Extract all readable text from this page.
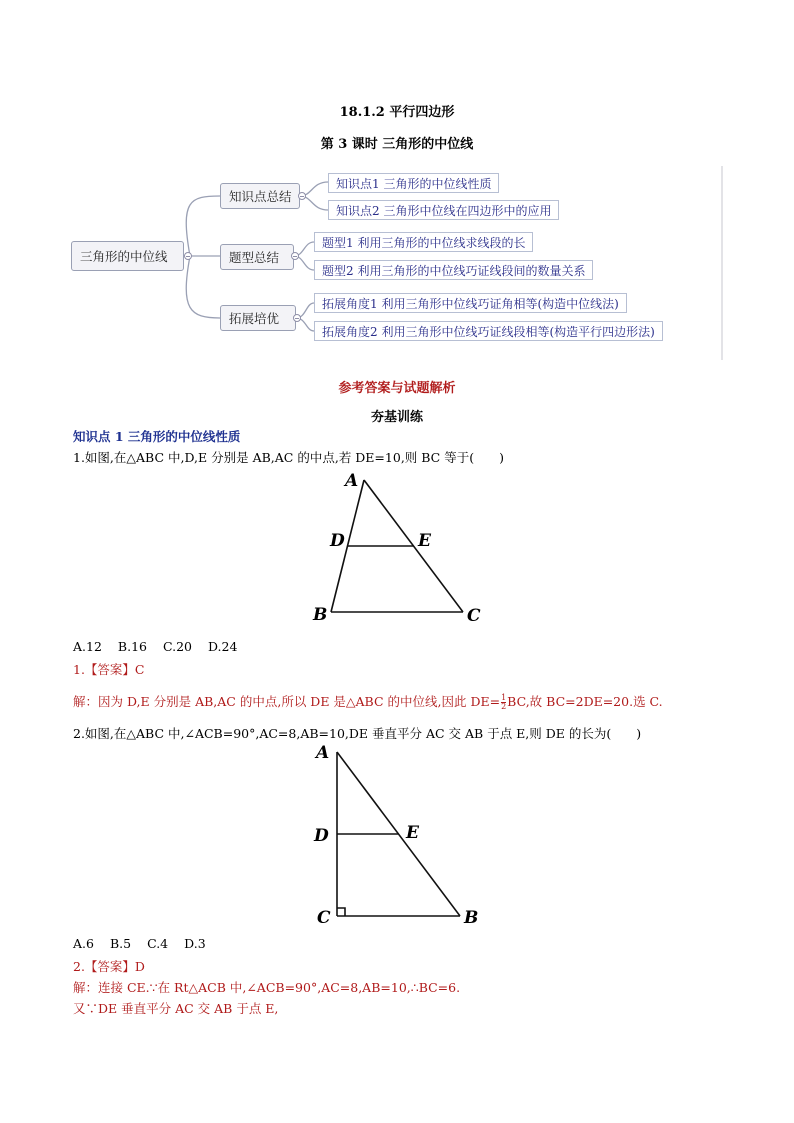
18.1.2 平行四边形
第 3 课时 三角形的中位线
三角形的中位线
知识点总结
题型总结
拓展培优
知识点1 三角形的中位线性质
知识点2 三角形中位线在四边形中的应用
题型1 利用三角形的中位线求线段的长
题型2 利用三角形的中位线巧证线段间的数量关系
拓展角度1 利用三角形中位线巧证角相等(构造中位线法)
拓展角度2 利用三角形中位线巧证线段相等(构造平行四边形法)
参考答案与试题解析
夯基训练
知识点 1 三角形的中位线性质
1.如图,在△ABC 中,D,E 分别是 AB,AC 的中点,若 DE=10,则 BC 等于(　　)
A
D	E
B	C
A.12 B.16 C.20 D.24
1.【答案】C
解：因为 D,E 分别是 AB,AC 的中点,所以 DE 是△ABC 的中位线,因此 $DE= \frac{1}{2}$ BC,故 BC=2DE=20.选 C.
2.如图,在△ABC 中,∠ACB=90°,AC=8,AB=10,DE 垂直平分 AC 交 AB 于点 E,则 DE 的长为(　　)
A
D	E
C	B
A.6 B.5 C.4 D.3
2.【答案】D
解：连接 CE.∵在 Rt△ACB 中,∠ACB=90°,AC=8,AB=10,∴BC=6.
又∵DE 垂直平分 AC 交 AB 于点 E,
